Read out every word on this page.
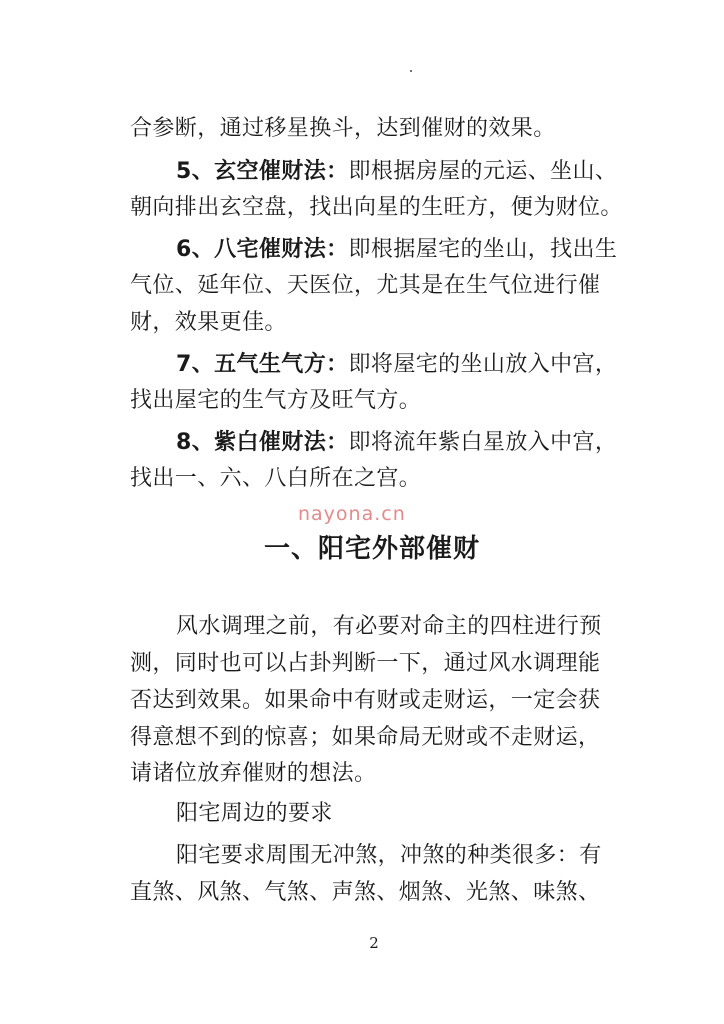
合参断，通过移星换斗，达到催财的效果。
5、玄空催财法：即根据房屋的元运、坐山、
朝向排出玄空盘，找出向星的生旺方，便为财位。
6、八宅催财法：即根据屋宅的坐山，找出生
气位、延年位、天医位，尤其是在生气位进行催
财，效果更佳。
7、五气生气方：即将屋宅的坐山放入中宫，
找出屋宅的生气方及旺气方。
8、紫白催财法：即将流年紫白星放入中宫，
找出一、六、八白所在之宫。
nayona.cn
一、阳宅外部催财
风水调理之前，有必要对命主的四柱进行预
测，同时也可以占卦判断一下，通过风水调理能
否达到效果。如果命中有财或走财运，一定会获
得意想不到的惊喜；如果命局无财或不走财运，
请诸位放弃催财的想法。
阳宅周边的要求
阳宅要求周围无冲煞，冲煞的种类很多：有
直煞、风煞、气煞、声煞、烟煞、光煞、味煞、
2
